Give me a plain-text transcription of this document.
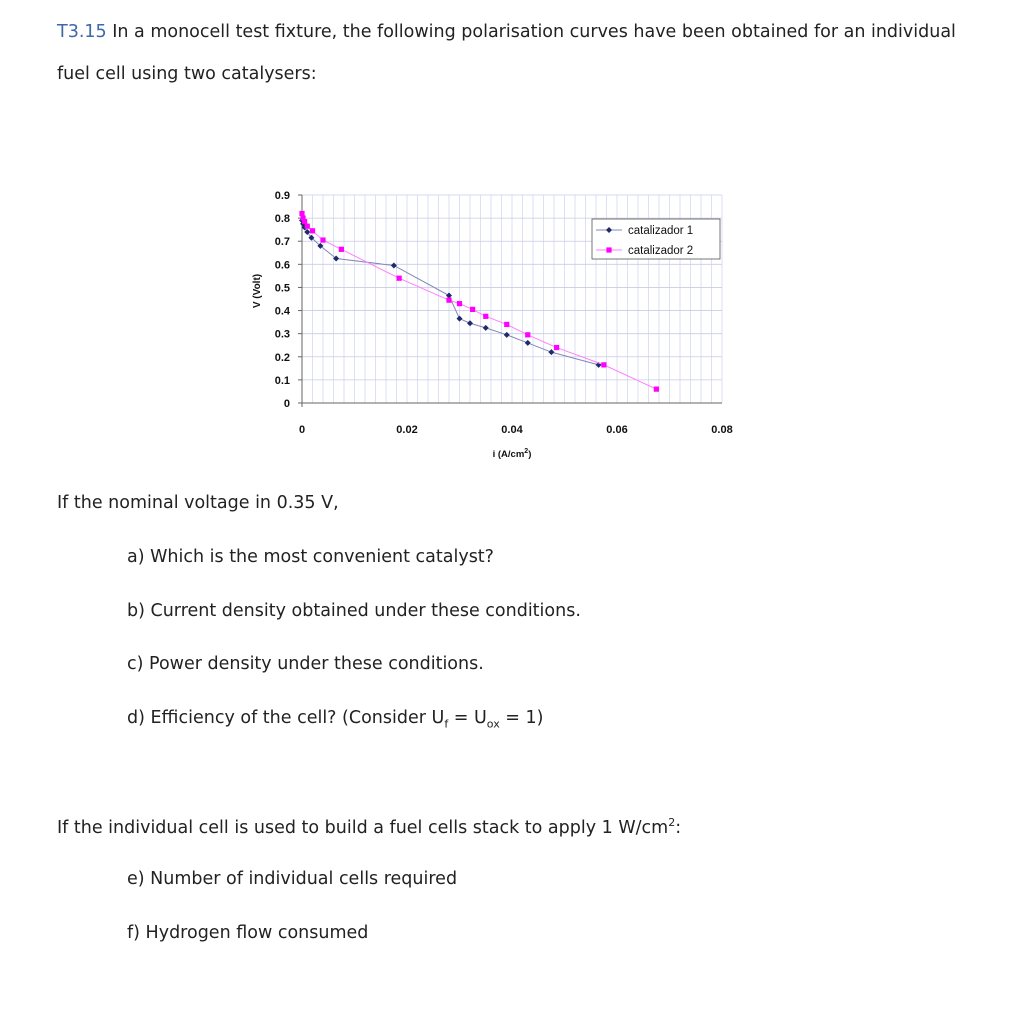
T3.15 In a monocell test fixture, the following polarisation curves have been obtained for an individual
fuel cell using two catalysers:
0
0.1
0.2
0.3
0.4
0.5
0.6
0.7
0.8
0.9
0	0.02	0.04	0.06	0.08
i $(A/cm^2)$
V (Volt)
catalizador 1
catalizador 2
If the nominal voltage in 0.35 V,
a) Which is the most convenient catalyst?
b) Current density obtained under these conditions.
c) Power density under these conditions.
d) Efficiency of the cell? (Consider $U_f = U_{ox} = 1$)
If the individual cell is used to build a fuel cells stack to apply 1 $W/cm^2$:
e) Number of individual cells required
f) Hydrogen flow consumed
